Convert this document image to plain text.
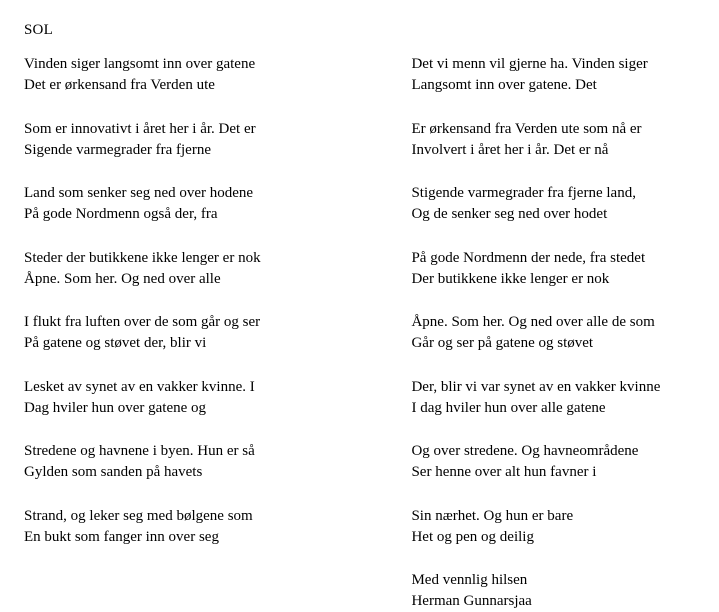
SOL
Vinden siger langsomt inn over gatene
Det er ørkensand fra Verden ute
Som er innovativt i året her i år. Det er
Sigende varmegrader fra fjerne
Land som senker seg ned over hodene
På gode Nordmenn også der, fra
Steder der butikkene ikke lenger er nok
Åpne. Som her. Og ned over alle
I flukt fra luften over de som går og ser
På gatene og støvet der, blir vi
Lesket av synet av en vakker kvinne. I
Dag hviler hun over gatene og
Stredene og havnene i byen. Hun er så
Gylden som sanden på havets
Strand, og leker seg med bølgene som
En bukt som fanger inn over seg
Det vi menn vil gjerne ha. Vinden siger
Langsomt inn over gatene. Det
Er ørkensand fra Verden ute som nå er
Involvert i året her i år. Det er nå
Stigende varmegrader fra fjerne land,
Og de senker seg ned over hodet
På gode Nordmenn der nede, fra stedet
Der butikkene ikke lenger er nok
Åpne. Som her. Og ned over alle de som
Går og ser på gatene og støvet
Der, blir vi var synet av en vakker kvinne
I dag hviler hun over alle gatene
Og over stredene. Og havneområdene
Ser henne over alt hun favner i
Sin nærhet. Og hun er bare
Het og pen og deilig
Med vennlig hilsen
Herman Gunnarsjaa
